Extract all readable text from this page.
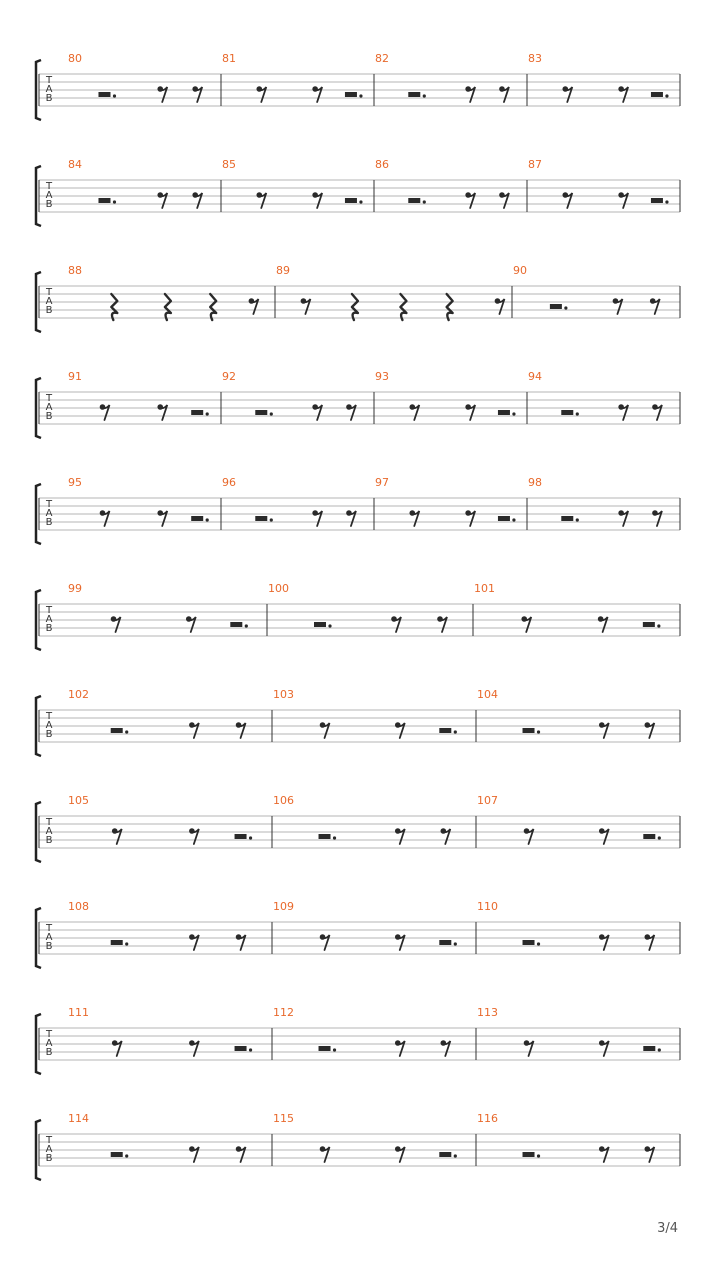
T
A
B
80	81	82	83
T
A
B
84	85	86	87
T
A
B
88	89	90
T
A
B
91	92	93	94
T
A
B
95	96	97	98
T
A
B
99	100	101
T
A
B
102	103	104
T
A
B
105	106	107
T
A
B
108	109	110
T
A
B
111	112	113
T
A
B
114	115	116
3/4
